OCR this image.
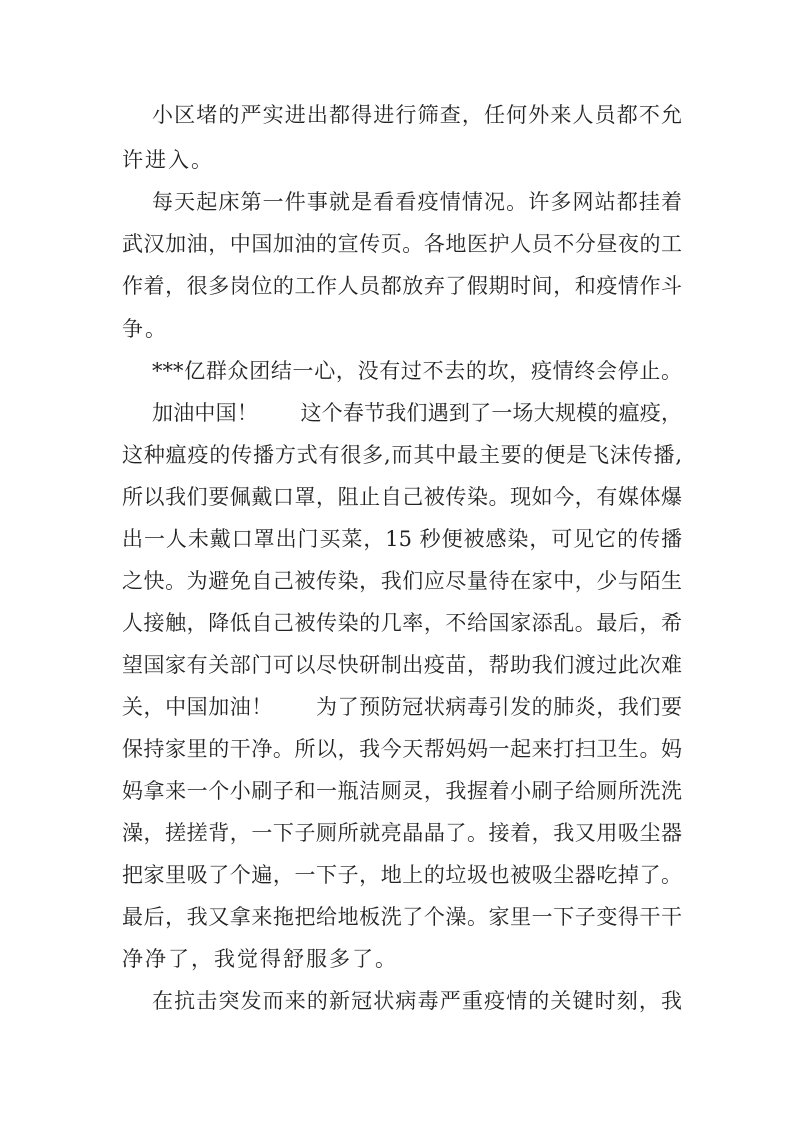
小区堵的严实进出都得进行筛查，任何外来人员都不允
许进入。
每天起床第一件事就是看看疫情情况。许多网站都挂着
武汉加油，中国加油的宣传页。各地医护人员不分昼夜的工
作着，很多岗位的工作人员都放弃了假期时间，和疫情作斗
争。
***亿群众团结一心，没有过不去的坎，疫情终会停止。
加油中国！　　这个春节我们遇到了一场大规模的瘟疫，
这种瘟疫的传播方式有很多,而其中最主要的便是飞沫传播,
所以我们要佩戴口罩，阻止自己被传染。现如今，有媒体爆
出一人未戴口罩出门买菜，15 秒便被感染，可见它的传播
之快。为避免自己被传染，我们应尽量待在家中，少与陌生
人接触，降低自己被传染的几率，不给国家添乱。最后，希
望国家有关部门可以尽快研制出疫苗，帮助我们渡过此次难
关，中国加油！　　为了预防冠状病毒引发的肺炎，我们要
保持家里的干净。所以，我今天帮妈妈一起来打扫卫生。妈
妈拿来一个小刷子和一瓶洁厕灵，我握着小刷子给厕所洗洗
澡，搓搓背，一下子厕所就亮晶晶了。接着，我又用吸尘器
把家里吸了个遍，一下子，地上的垃圾也被吸尘器吃掉了。
最后，我又拿来拖把给地板洗了个澡。家里一下子变得干干
净净了，我觉得舒服多了。
在抗击突发而来的新冠状病毒严重疫情的关键时刻，我
